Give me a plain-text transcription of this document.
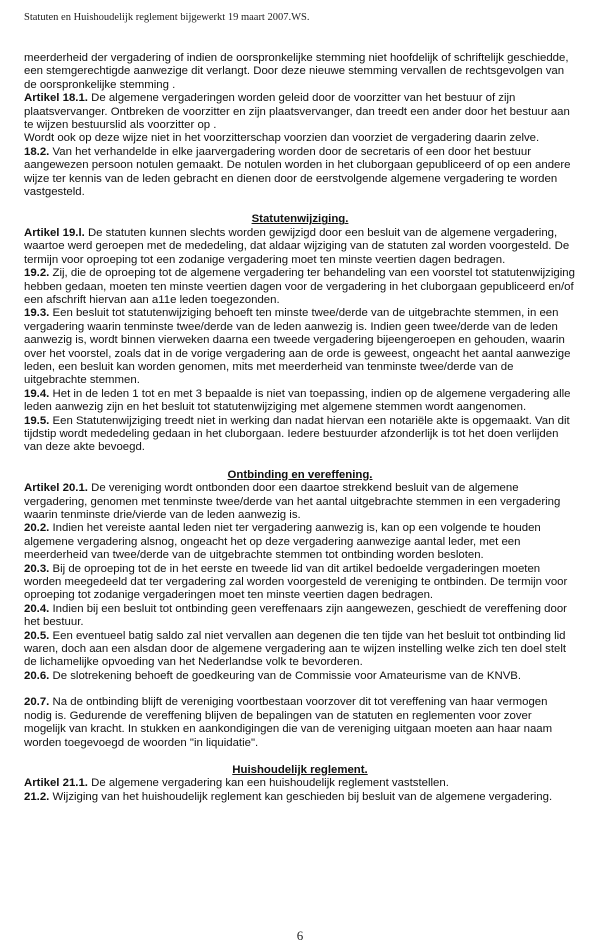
Statuten en Huishoudelijk reglement bijgewerkt 19 maart 2007.WS.

meerderheid der vergadering of indien de oorspronkelijke stemming niet hoofdelijk of schriftelijk geschiedde, een stemgerechtigde aanwezige dit verlangt. Door deze nieuwe stemming vervallen de rechtsgevolgen van de oorspronkelijke stemming .

Artikel 18.1. De algemene vergaderingen worden geleid door de voorzitter van het bestuur of zijn plaatsvervanger. Ontbreken de voorzitter en zijn plaatsvervanger, dan treedt een ander door het bestuur aan te wijzen bestuurslid als voorzitter op .

Wordt ook op deze wijze niet in het voorzitterschap voorzien dan voorziet de vergadering daarin zelve.

18.2. Van het verhandelde in elke jaarvergadering worden door de secretaris of een door het bestuur aangewezen persoon notulen gemaakt. De notulen worden in het cluborgaan gepubliceerd of op een andere wijze ter kennis van de leden gebracht en dienen door de eerstvolgende algemene vergadering te worden vastgesteld.

Statutenwijziging.

Artikel 19.l. De statuten kunnen slechts worden gewijzigd door een besluit van de algemene vergadering, waartoe werd geroepen met de mededeling, dat aldaar wijziging van de statuten zal worden voorgesteld. De termijn voor oproeping tot een zodanige vergadering moet ten minste veertien dagen bedragen.

19.2. Zij, die de oproeping tot de algemene vergadering ter behandeling van een voorstel tot statutenwijziging hebben gedaan, moeten ten minste veertien dagen voor de vergadering in het cluborgaan gepubliceerd en/of een afschrift hiervan aan a11e leden toegezonden.

19.3. Een besluit tot statutenwijziging behoeft ten minste twee/derde van de uitgebrachte stemmen, in een vergadering waarin tenminste twee/derde van de leden aanwezig is. Indien geen twee/derde van de leden aanwezig is, wordt binnen vierweken daarna een tweede vergadering bijeengeroepen en gehouden, waarin over het voorstel, zoals dat in de vorige vergadering aan de orde is geweest, ongeacht het aantal aanwezige leden, een besluit kan worden genomen, mits met meerderheid van tenminste twee/derde van de uitgebrachte stemmen.

19.4. Het in de leden 1 tot en met 3 bepaalde is niet van toepassing, indien op de algemene vergadering alle leden aanwezig zijn en het besluit tot statutenwijziging met algemene stemmen wordt aangenomen.

19.5. Een Statutenwijziging treedt niet in werking dan nadat hiervan een notariële akte is opgemaakt. Van dit tijdstip wordt mededeling gedaan in het cluborgaan. Iedere bestuurder afzonderlijk is tot het doen verlijden van deze akte bevoegd.

Ontbinding en vereffening.

Artikel 20.1. De vereniging wordt ontbonden door een daartoe strekkend besluit van de algemene vergadering, genomen met tenminste twee/derde van het aantal uitgebrachte stemmen in een vergadering waarin tenminste drie/vierde van de leden aanwezig is.

20.2. Indien het vereiste aantal leden niet ter vergadering aanwezig is, kan op een volgende te houden algemene vergadering alsnog, ongeacht het op deze vergadering aanwezige aantal leder, met een meerderheid van twee/derde van de uitgebrachte stemmen tot ontbinding worden besloten.

20.3. Bij de oproeping tot de in het eerste en tweede lid van dit artikel bedoelde vergaderingen moeten worden meegedeeld dat ter vergadering zal worden voorgesteld de vereniging te ontbinden. De termijn voor oproeping tot zodanige vergaderingen moet ten minste veertien dagen bedragen.

20.4. Indien bij een besluit tot ontbinding geen vereffenaars zijn aangewezen, geschiedt de vereffening door het bestuur.

20.5. Een eventueel batig saldo zal niet vervallen aan degenen die ten tijde van het besluit tot ontbinding lid waren, doch aan een alsdan door de algemene vergadering aan te wijzen instelling welke zich ten doel stelt de lichamelijke opvoeding van het Nederlandse volk te bevorderen.

20.6. De slotrekening behoeft de goedkeuring van de Commissie voor Amateurisme van de KNVB.

20.7. Na de ontbinding blijft de vereniging voortbestaan voorzover dit tot vereffening van haar vermogen nodig is. Gedurende de vereffening blijven de bepalingen van de statuten en reglementen voor zover mogelijk van kracht. In stukken en aankondigingen die van de vereniging uitgaan moeten aan haar naam worden toegevoegd de woorden "in liquidatie".

Huishoudelijk reglement.

Artikel 21.1. De algemene vergadering kan een huishoudelijk reglement vaststellen.

21.2. Wijziging van het huishoudelijk reglement kan geschieden bij besluit van de algemene vergadering.

6
